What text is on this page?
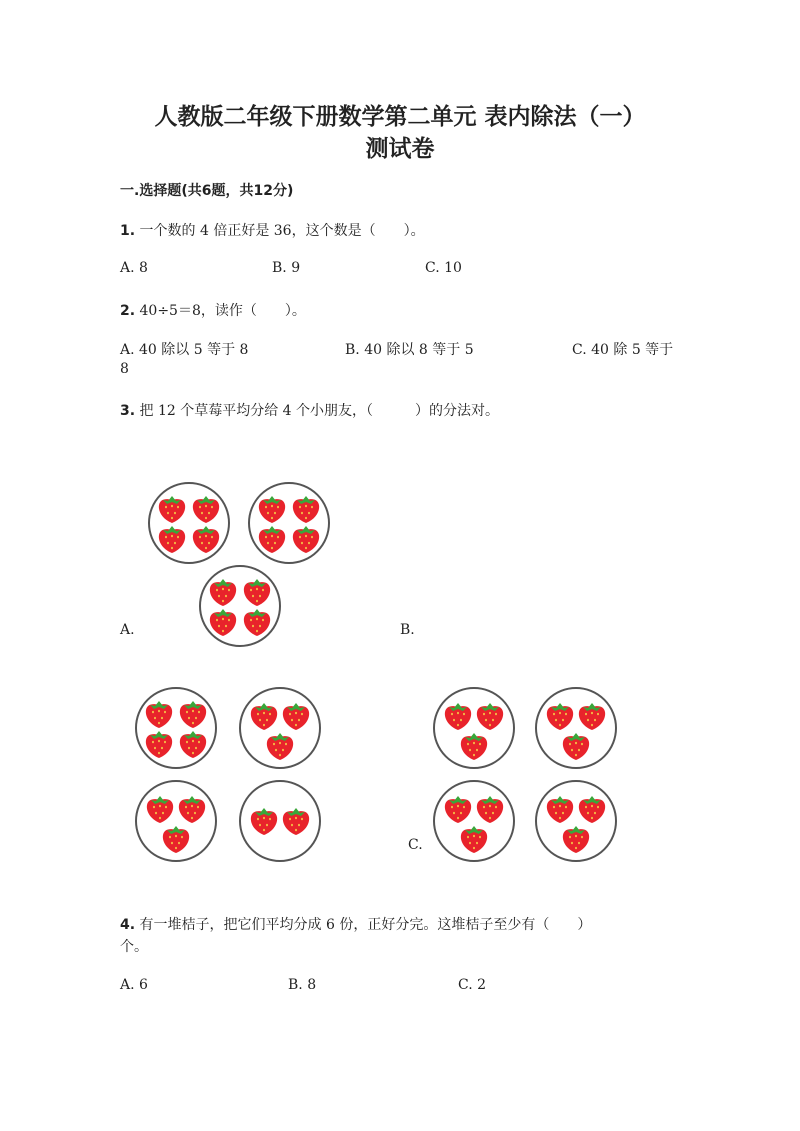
人教版二年级下册数学第二单元 表内除法（一）
测试卷
一.选择题(共6题，共12分)
1. 一个数的 4 倍正好是 36，这个数是（　　）。
A. 8	B. 9	C. 10
2. 40÷5＝8，读作（　　）。
A. 40 除以 5 等于 8	B. 40 除以 8 等于 5	C. 40 除 5 等于
8
3. 把 12 个草莓平均分给 4 个小朋友，（　　　）的分法对。
A.	B.
C.
4. 有一堆桔子，把它们平均分成 6 份，正好分完。这堆桔子至少有（　　）
个。
A. 6	B. 8	C. 2
